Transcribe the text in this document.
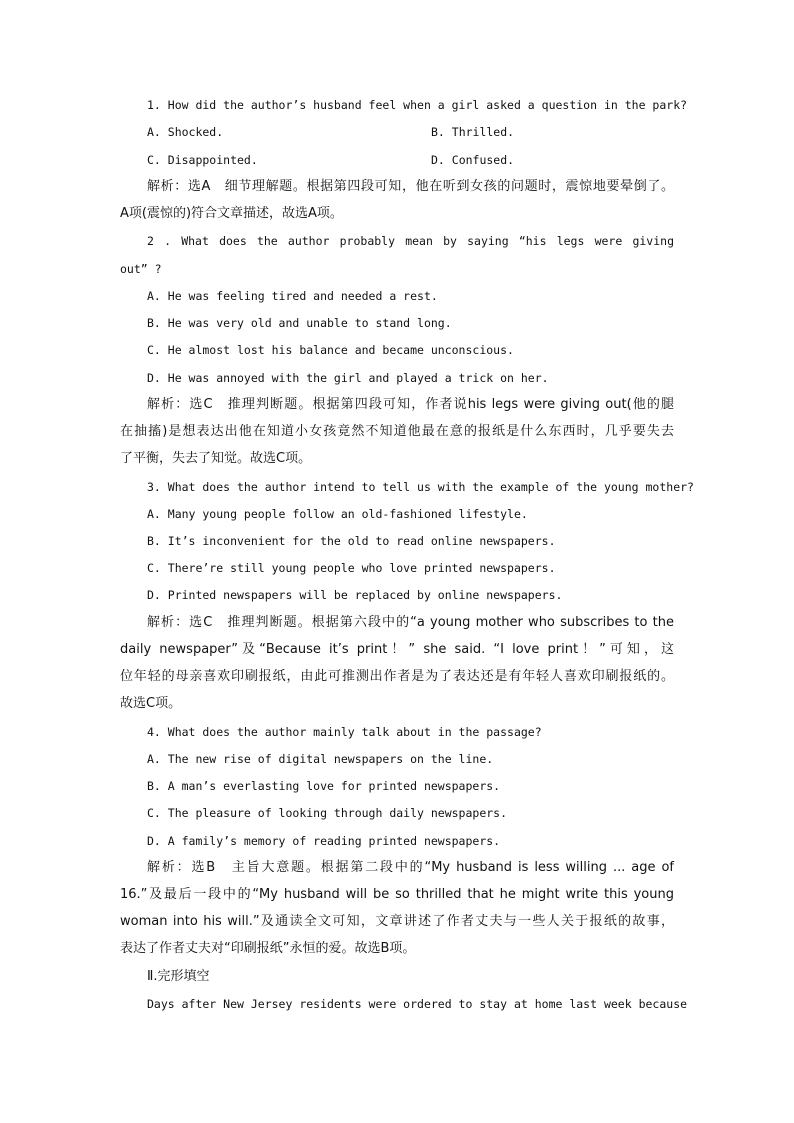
1. How did the author’s husband feel when a girl asked a question in the park?
A. Shocked.	B. Thrilled.
C. Disappointed.	D. Confused.
解析：选A　细节理解题。根据第四段可知，他在听到女孩的问题时，震惊地要晕倒了。
A项(震惊的)符合文章描述，故选A项。
2 . What does the author probably mean by saying “his legs were giving
out” ?
A. He was feeling tired and needed a rest.
B. He was very old and unable to stand long.
C. He almost lost his balance and became unconscious.
D. He was annoyed with the girl and played a trick on her.
解析：选C　推理判断题。根据第四段可知，作者说his legs were giving out(他的腿
在抽搐)是想表达出他在知道小女孩竟然不知道他最在意的报纸是什么东西时，几乎要失去
了平衡，失去了知觉。故选C项。
3. What does the author intend to tell us with the example of the young mother?
A. Many young people follow an old-fashioned lifestyle.
B. It’s inconvenient for the old to read online newspapers.
C. There’re still young people who love printed newspapers.
D. Printed newspapers will be replaced by online newspapers.
解析：选C　推理判断题。根据第六段中的“a young mother who subscribes to the
daily newspaper”及“Because it’s print！” she said. “I love print！”可知，这
位年轻的母亲喜欢印刷报纸，由此可推测出作者是为了表达还是有年轻人喜欢印刷报纸的。
故选C项。
4. What does the author mainly talk about in the passage?
A. The new rise of digital newspapers on the line.
B. A man’s everlasting love for printed newspapers.
C. The pleasure of looking through daily newspapers.
D. A family’s memory of reading printed newspapers.
解析：选B　主旨大意题。根据第二段中的“My husband is less willing ... age of
16.”及最后一段中的“My husband will be so thrilled that he might write this young
woman into his will.”及通读全文可知，文章讲述了作者丈夫与一些人关于报纸的故事，
表达了作者丈夫对“印刷报纸”永恒的爱。故选B项。
Ⅱ.完形填空
Days after New Jersey residents were ordered to stay at home last week because
